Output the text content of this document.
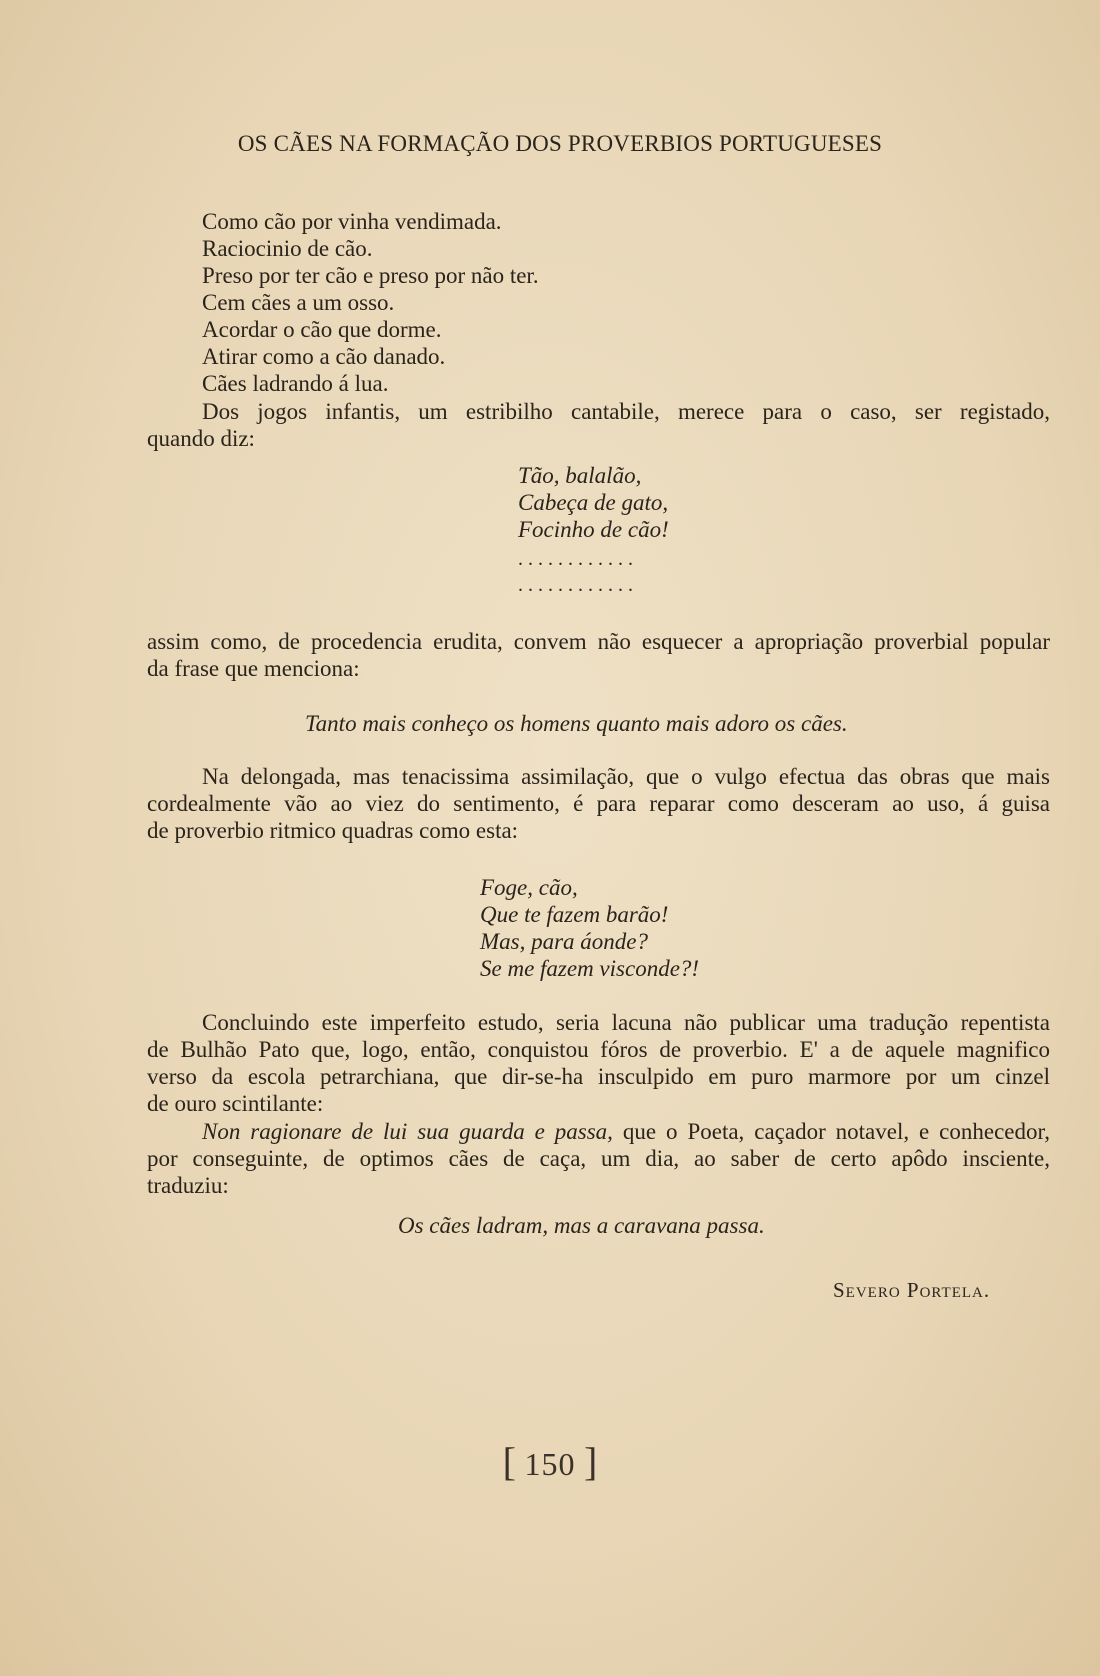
OS CÃES NA FORMAÇÃO DOS PROVERBIOS PORTUGUESES

Como cão por vinha vendimada.

Raciocinio de cão.

Preso por ter cão e preso por não ter.

Cem cães a um osso.

Acordar o cão que dorme.

Atirar como a cão danado.

Cães ladrando á lua.

Dos jogos infantis, um estribilho cantabile, merece para o caso, ser registado,

quando diz:

Tão, balalão,

Cabeça de gato,

Focinho de cão!

............

............

assim como, de procedencia erudita, convem não esquecer a apropriação proverbial popular

da frase que menciona:

Tanto mais conheço os homens quanto mais adoro os cães.

Na delongada, mas tenacissima assimilação, que o vulgo efectua das obras que mais

cordealmente vão ao viez do sentimento, é para reparar como desceram ao uso, á guisa

de proverbio ritmico quadras como esta:

Foge, cão,

Que te fazem barão!

Mas, para áonde?

Se me fazem visconde?!

Concluindo este imperfeito estudo, seria lacuna não publicar uma tradução repentista

de Bulhão Pato que, logo, então, conquistou fóros de proverbio. E' a de aquele magnifico

verso da escola petrarchiana, que dir-se-ha insculpido em puro marmore por um cinzel

de ouro scintilante:

Non ragionare de lui sua guarda e passa, que o Poeta, caçador notavel, e conhecedor,

por conseguinte, de optimos cães de caça, um dia, ao saber de certo apôdo insciente,

traduziu:

Os cães ladram, mas a caravana passa.

Severo Portela.

[ 150 ]
